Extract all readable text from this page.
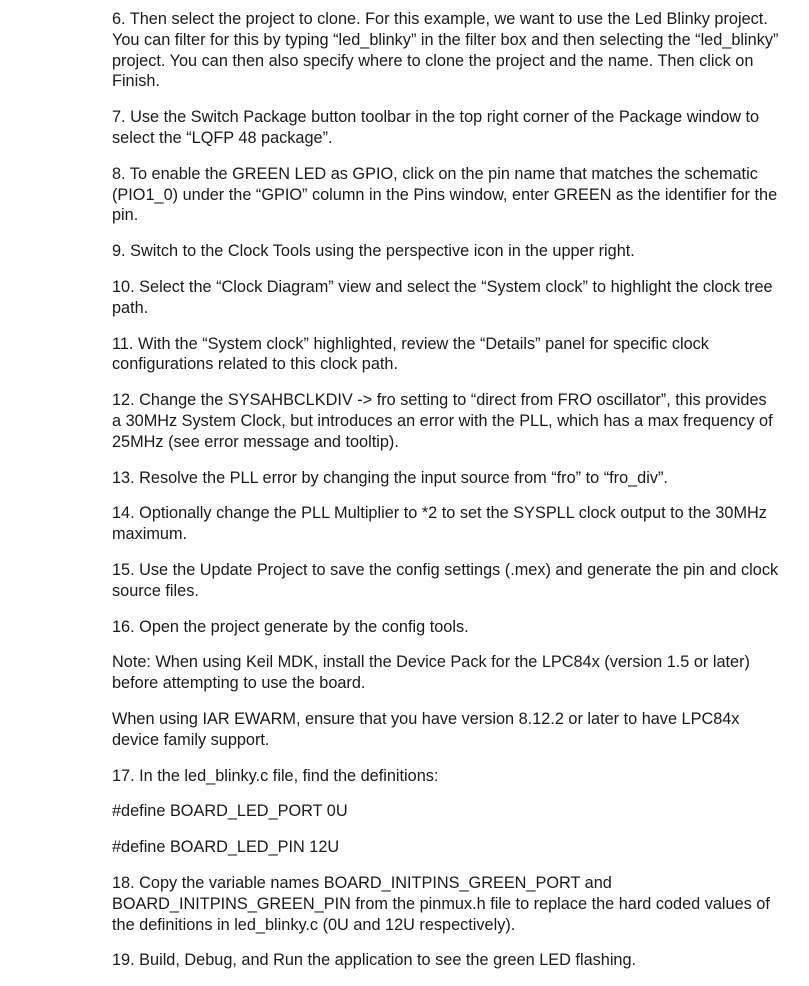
6. Then select the project to clone. For this example, we want to use the Led Blinky project. You can filter for this by typing “led_blinky” in the filter box and then selecting the “led_blinky” project. You can then also specify where to clone the project and the name. Then click on Finish.

7. Use the Switch Package button toolbar in the top right corner of the Package window to select the “LQFP 48 package”.

8. To enable the GREEN LED as GPIO, click on the pin name that matches the schematic (PIO1_0) under the “GPIO” column in the Pins window, enter GREEN as the identifier for the pin.

9. Switch to the Clock Tools using the perspective icon in the upper right.

10. Select the “Clock Diagram” view and select the “System clock” to highlight the clock tree path.

11. With the “System clock” highlighted, review the “Details” panel for specific clock configurations related to this clock path.

12. Change the SYSAHBCLKDIV -> fro setting to “direct from FRO oscillator”, this provides a 30MHz System Clock, but introduces an error with the PLL, which has a max frequency of 25MHz (see error message and tooltip).

13. Resolve the PLL error by changing the input source from “fro” to “fro_div”.

14. Optionally change the PLL Multiplier to *2 to set the SYSPLL clock output to the 30MHz maximum.

15. Use the Update Project to save the config settings (.mex) and generate the pin and clock source files.

16. Open the project generate by the config tools.

Note: When using Keil MDK, install the Device Pack for the LPC84x (version 1.5 or later) before attempting to use the board.

When using IAR EWARM, ensure that you have version 8.12.2 or later to have LPC84x device family support.

17. In the led_blinky.c file, find the definitions:

#define BOARD_LED_PORT 0U

#define BOARD_LED_PIN 12U

18. Copy the variable names BOARD_INITPINS_GREEN_PORT and BOARD_INITPINS_GREEN_PIN from the pinmux.h file to replace the hard coded values of the definitions in led_blinky.c (0U and 12U respectively).

19. Build, Debug, and Run the application to see the green LED flashing.
